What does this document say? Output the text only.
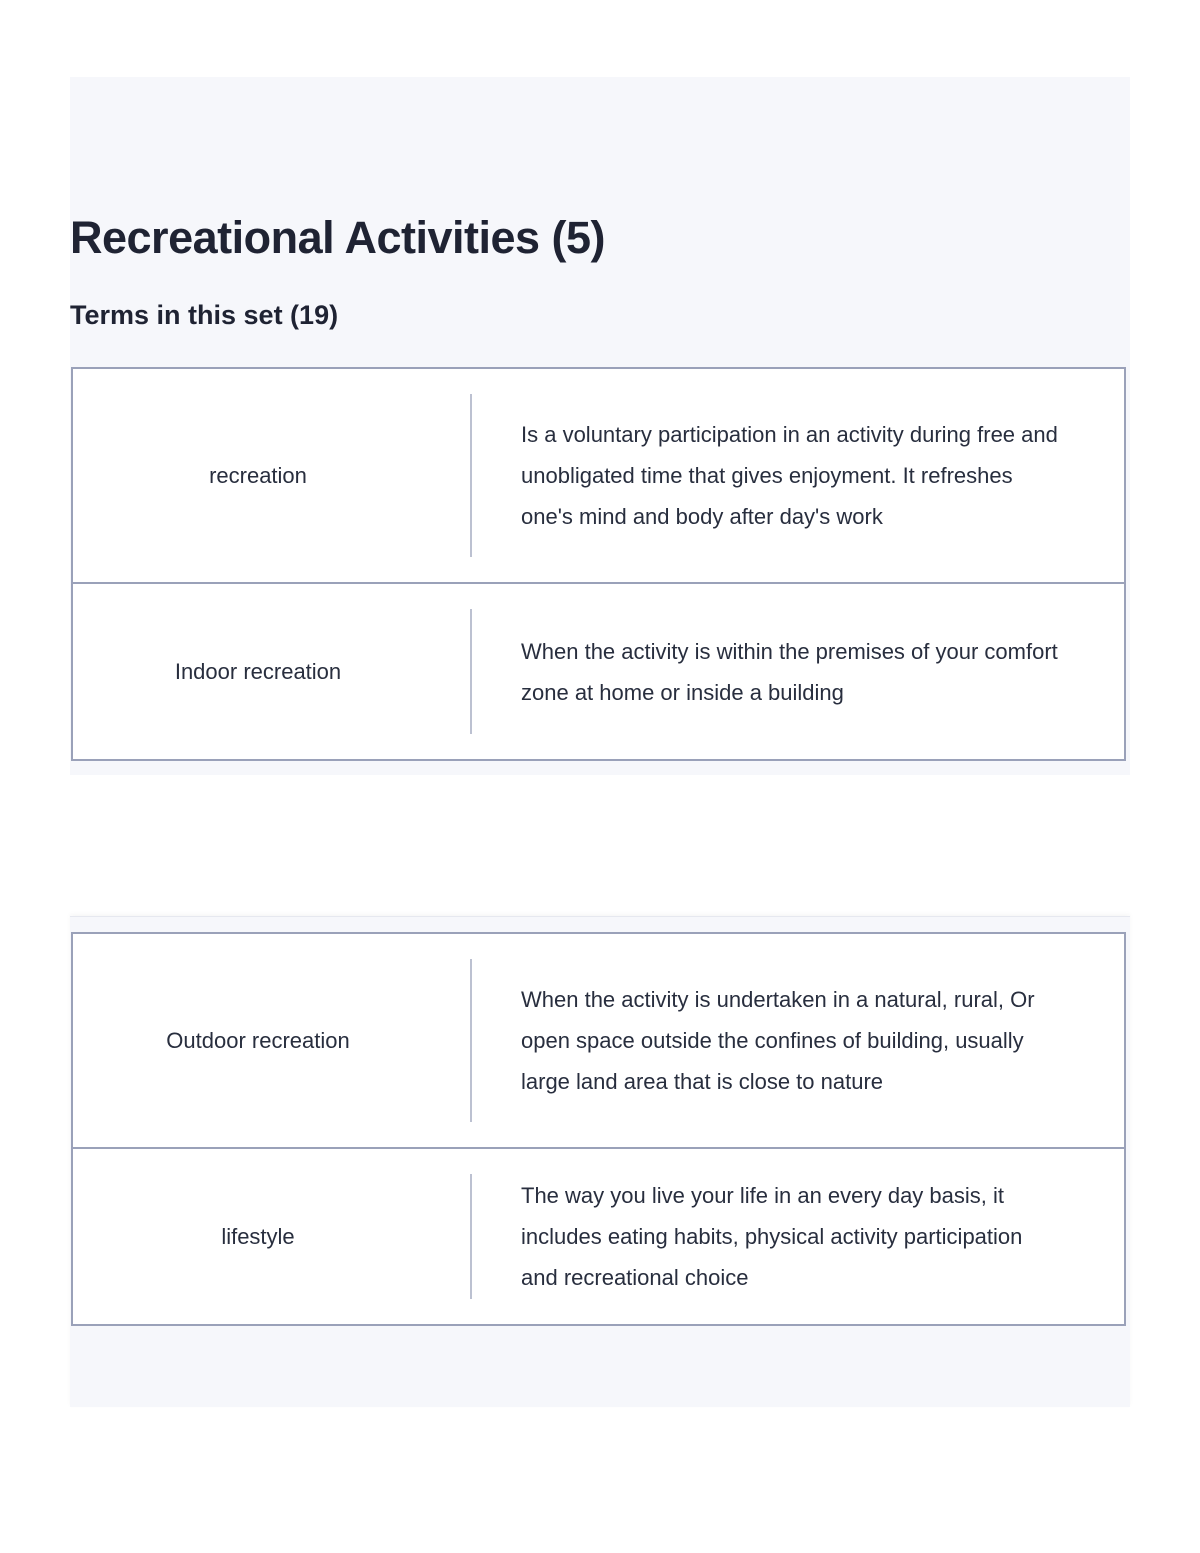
Recreational Activities (5)
Terms in this set (19)
recreation
Is a voluntary participation in an activity during free and unobligated time that gives enjoyment. It refreshes one's mind and body after day's work
Indoor recreation
When the activity is within the premises of your comfort zone at home or inside a building
Outdoor recreation
When the activity is undertaken in a natural, rural, Or open space outside the confines of building, usually large land area that is close to nature
lifestyle
The way you live your life in an every day basis, it includes eating habits, physical activity participation and recreational choice
